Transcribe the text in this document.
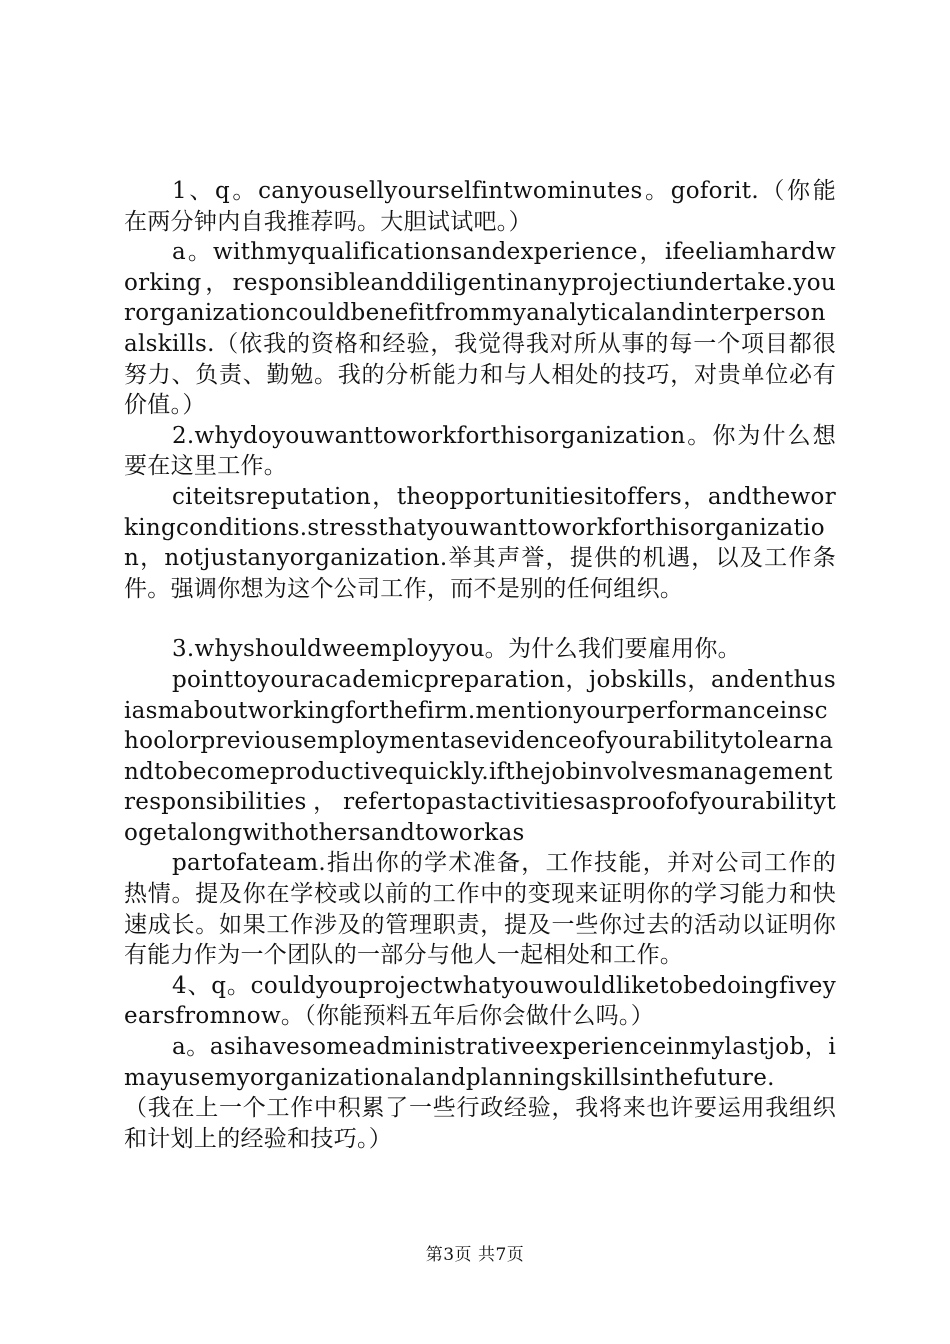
1、q。canyousellyourselfintwominutes。goforit.（你能在两分钟内自我推荐吗。大胆试试吧。）

a。withmyqualificationsandexperience，ifeeliamhardworking，responsibleanddiligentinanyprojectiundertake.yourorganizationcouldbenefitfrommyanalyticalandinterpersonalskills.（依我的资格和经验，我觉得我对所从事的每一个项目都很努力、负责、勤勉。我的分析能力和与人相处的技巧，对贵单位必有价值。）

2.whydoyouwanttoworkforthisorganization。你为什么想要在这里工作。

citeitsreputation，theopportunitiesitoffers，andtheworkingconditions.stressthatyouwanttoworkforthisorganization，notjustanyorganization.举其声誉，提供的机遇，以及工作条件。强调你想为这个公司工作，而不是别的任何组织。

3.whyshouldweemployyou。为什么我们要雇用你。

pointtoyouracademicpreparation，jobskills，andenthusiasmaboutworkingforthefirm.mentionyourperformanceinschoolorpreviousemploymentasevidenceofyourabilitytolearnandtobecomeproductivequickly.ifthejobinvolvesmanagementresponsibilities，refertopastactivitiesasproofofyourabilitytogetalongwithothersandtoworkas

partofateam.指出你的学术准备，工作技能，并对公司工作的热情。提及你在学校或以前的工作中的变现来证明你的学习能力和快速成长。如果工作涉及的管理职责，提及一些你过去的活动以证明你有能力作为一个团队的一部分与他人一起相处和工作。

4、q。couldyouprojectwhatyouwouldliketobedoingfiveyearsfromnow。（你能预料五年后你会做什么吗。）

a。asihavesomeadministrativeexperienceinmylastjob，imayusemyorganizationalandplanningskillsinthefuture.

（我在上一个工作中积累了一些行政经验，我将来也许要运用我组织和计划上的经验和技巧。）

第3页 共7页
